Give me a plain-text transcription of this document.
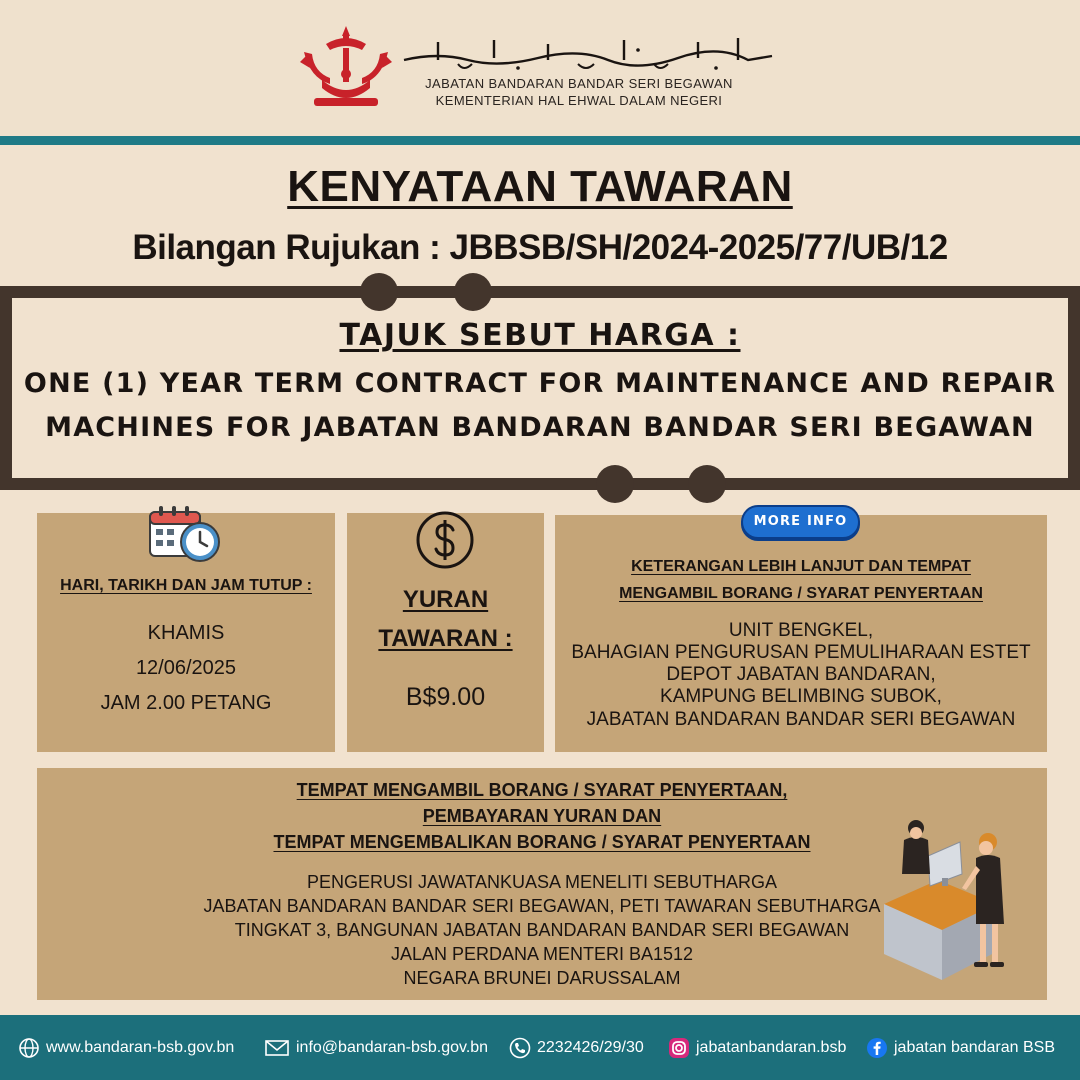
JABATAN BANDARAN BANDAR SERI BEGAWAN
KEMENTERIAN HAL EHWAL DALAM NEGERI
KENYATAAN TAWARAN
Bilangan Rujukan : JBBSB/SH/2024-2025/77/UB/12
TAJUK SEBUT HARGA :
ONE (1) YEAR TERM CONTRACT FOR MAINTENANCE AND REPAIR
MACHINES FOR JABATAN BANDARAN BANDAR SERI BEGAWAN
HARI, TARIKH DAN JAM TUTUP :
KHAMIS
12/06/2025
JAM 2.00 PETANG
YURAN
TAWARAN :
B$9.00
MORE INFO
KETERANGAN LEBIH LANJUT DAN TEMPAT
MENGAMBIL BORANG / SYARAT PENYERTAAN
UNIT BENGKEL,
BAHAGIAN PENGURUSAN PEMULIHARAAN ESTET
DEPOT JABATAN BANDARAN,
KAMPUNG BELIMBING SUBOK,
JABATAN BANDARAN BANDAR SERI BEGAWAN
TEMPAT MENGAMBIL BORANG / SYARAT PENYERTAAN,
PEMBAYARAN YURAN DAN
TEMPAT MENGEMBALIKAN BORANG / SYARAT PENYERTAAN
PENGERUSI JAWATANKUASA MENELITI SEBUTHARGA
JABATAN BANDARAN BANDAR SERI BEGAWAN, PETI TAWARAN SEBUTHARGA
TINGKAT 3, BANGUNAN JABATAN BANDARAN BANDAR SERI BEGAWAN
JALAN PERDANA MENTERI BA1512
NEGARA BRUNEI DARUSSALAM
www.bandaran-bsb.gov.bn	info@bandaran-bsb.gov.bn	2232426/29/30	jabatanbandaran.bsb	jabatan bandaran BSB
